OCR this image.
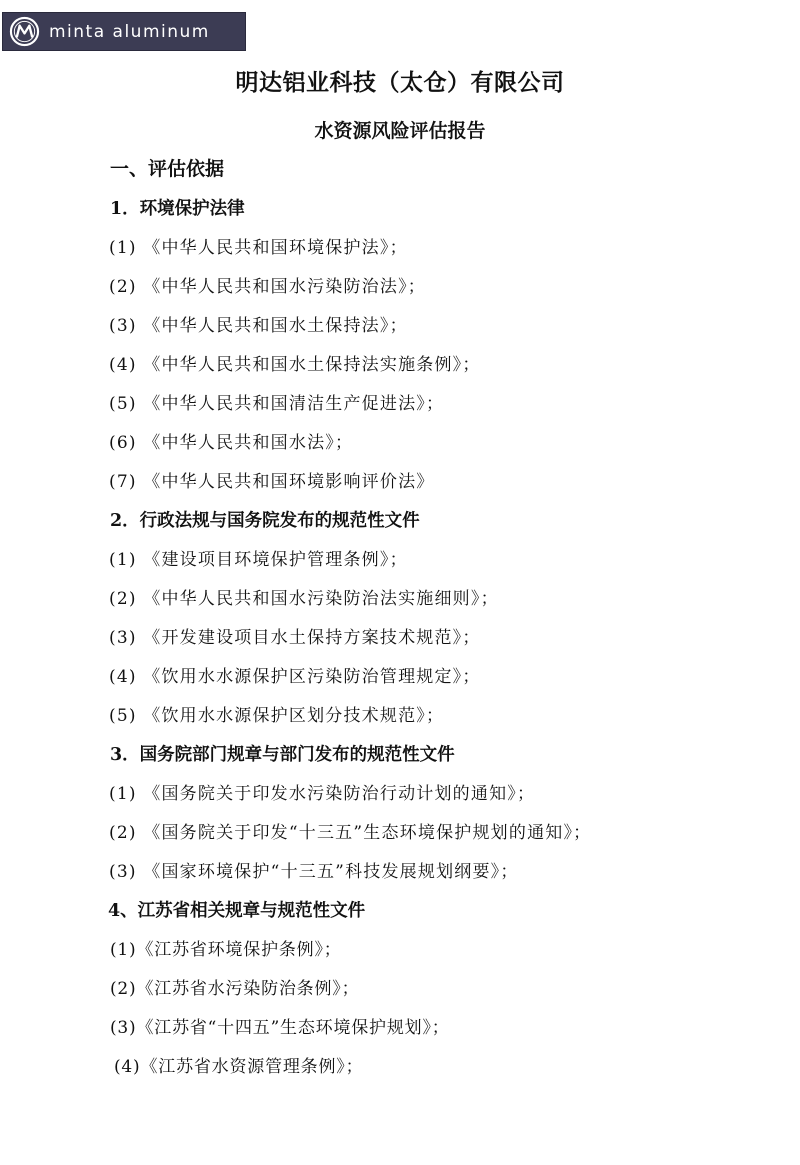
minta aluminum
明达铝业科技（太仓）有限公司
水资源风险评估报告
一、评估依据
1．环境保护法律
(1) 《中华人民共和国环境保护法》；
(2) 《中华人民共和国水污染防治法》；
(3) 《中华人民共和国水土保持法》；
(4) 《中华人民共和国水土保持法实施条例》；
(5) 《中华人民共和国清洁生产促进法》；
(6) 《中华人民共和国水法》；
(7) 《中华人民共和国环境影响评价法》
2．行政法规与国务院发布的规范性文件
(1) 《建设项目环境保护管理条例》；
(2) 《中华人民共和国水污染防治法实施细则》；
(3) 《开发建设项目水土保持方案技术规范》；
(4) 《饮用水水源保护区污染防治管理规定》；
(5) 《饮用水水源保护区划分技术规范》；
3．国务院部门规章与部门发布的规范性文件
(1) 《国务院关于印发水污染防治行动计划的通知》；
(2) 《国务院关于印发“十三五”生态环境保护规划的通知》；
(3) 《国家环境保护“十三五”科技发展规划纲要》；
4、江苏省相关规章与规范性文件
(1)《江苏省环境保护条例》；
(2)《江苏省水污染防治条例》；
(3)《江苏省“十四五”生态环境保护规划》；
(4)《江苏省水资源管理条例》；
